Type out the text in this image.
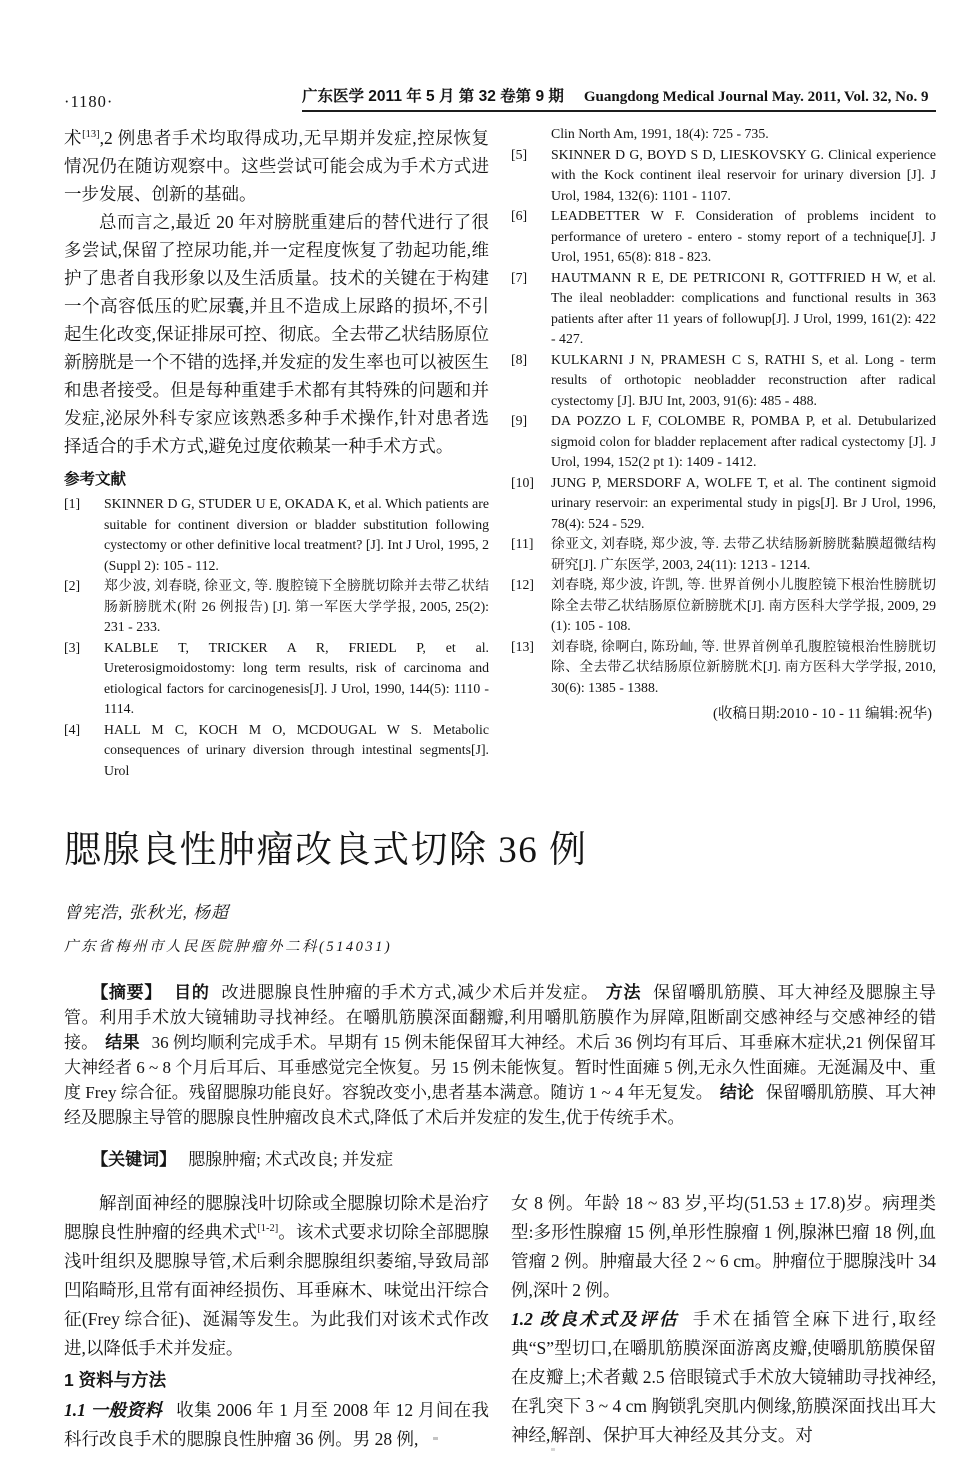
·1180·	广东医学 2011 年 5 月 第 32 卷第 9 期 Guangdong Medical Journal May. 2011, Vol. 32, No. 9

术[13],2 例患者手术均取得成功,无早期并发症,控尿恢复情况仍在随访观察中。这些尝试可能会成为手术方式进一步发展、创新的基础。

总而言之,最近 20 年对膀胱重建后的替代进行了很多尝试,保留了控尿功能,并一定程度恢复了勃起功能,维护了患者自我形象以及生活质量。技术的关键在于构建一个高容低压的贮尿囊,并且不造成上尿路的损坏,不引起生化改变,保证排尿可控、彻底。全去带乙状结肠原位新膀胱是一个不错的选择,并发症的发生率也可以被医生和患者接受。但是每种重建手术都有其特殊的问题和并发症,泌尿外科专家应该熟悉多种手术操作,针对患者选择适合的手术方式,避免过度依赖某一种手术方式。

参考文献
[1]	SKINNER D G, STUDER U E, OKADA K, et al. Which patients are suitable for continent diversion or bladder substitution following cystectomy or other definitive local treatment? [J]. Int J Urol, 1995, 2 (Suppl 2): 105 - 112.
[2]	郑少波, 刘春晓, 徐亚文, 等. 腹腔镜下全膀胱切除并去带乙状结肠新膀胱术(附 26 例报告) [J]. 第一军医大学学报, 2005, 25(2): 231 - 233.
[3]	KALBLE T, TRICKER A R, FRIEDL P, et al. Ureterosigmoidostomy: long term results, risk of carcinoma and etiological factors for carcinogenesis[J]. J Urol, 1990, 144(5): 1110 - 1114.
[4]	HALL M C, KOCH M O, MCDOUGAL W S. Metabolic consequences of urinary diversion through intestinal segments[J]. Urol
Clin North Am, 1991, 18(4): 725 - 735.
[5]	SKINNER D G, BOYD S D, LIESKOVSKY G. Clinical experience with the Kock continent ileal reservoir for urinary diversion [J]. J Urol, 1984, 132(6): 1101 - 1107.
[6]	LEADBETTER W F. Consideration of problems incident to performance of uretero - entero - stomy report of a technique[J]. J Urol, 1951, 65(8): 818 - 823.
[7]	HAUTMANN R E, DE PETRICONI R, GOTTFRIED H W, et al. The ileal neobladder: complications and functional results in 363 patients after after 11 years of followup[J]. J Urol, 1999, 161(2): 422 - 427.
[8]	KULKARNI J N, PRAMESH C S, RATHI S, et al. Long - term results of orthotopic neobladder reconstruction after radical cystectomy [J]. BJU Int, 2003, 91(6): 485 - 488.
[9]	DA POZZO L F, COLOMBE R, POMBA P, et al. Detubularized sigmoid colon for bladder replacement after radical cystectomy [J]. J Urol, 1994, 152(2 pt 1): 1409 - 1412.
[10]	JUNG P, MERSDORF A, WOLFE T, et al. The continent sigmoid urinary reservoir: an experimental study in pigs[J]. Br J Urol, 1996, 78(4): 524 - 529.
[11]	徐亚文, 刘春晓, 郑少波, 等. 去带乙状结肠新膀胱黏膜超微结构研究[J]. 广东医学, 2003, 24(11): 1213 - 1214.
[12]	刘春晓, 郑少波, 许凯, 等. 世界首例小儿腹腔镜下根治性膀胱切除全去带乙状结肠原位新膀胱术[J]. 南方医科大学学报, 2009, 29 (1): 105 - 108.
[13]	刘春晓, 徐啊白, 陈玢屾, 等. 世界首例单孔腹腔镜根治性膀胱切除、全去带乙状结肠原位新膀胱术[J]. 南方医科大学学报, 2010, 30(6): 1385 - 1388.
(收稿日期:2010 - 10 - 11 编辑:祝华)
腮腺良性肿瘤改良式切除 36 例
曾宪浩, 张秋光, 杨超
广东省梅州市人民医院肿瘤外二科(514031)

【摘要】 目的 改进腮腺良性肿瘤的手术方式,减少术后并发症。 方法 保留嚼肌筋膜、耳大神经及腮腺主导管。利用手术放大镜辅助寻找神经。在嚼肌筋膜深面翻瓣,利用嚼肌筋膜作为屏障,阻断副交感神经与交感神经的错接。 结果 36 例均顺利完成手术。早期有 15 例未能保留耳大神经。术后 36 例均有耳后、耳垂麻木症状,21 例保留耳大神经者 6 ~ 8 个月后耳后、耳垂感觉完全恢复。另 15 例未能恢复。暂时性面瘫 5 例,无永久性面瘫。无涎漏及中、重度 Frey 综合征。残留腮腺功能良好。容貌改变小,患者基本满意。随访 1 ~ 4 年无复发。 结论 保留嚼肌筋膜、耳大神经及腮腺主导管的腮腺良性肿瘤改良术式,降低了术后并发症的发生,优于传统手术。

【关键词】 腮腺肿瘤; 术式改良; 并发症

解剖面神经的腮腺浅叶切除或全腮腺切除术是治疗腮腺良性肿瘤的经典术式[1-2]。该术式要求切除全部腮腺浅叶组织及腮腺导管,术后剩余腮腺组织萎缩,导致局部凹陷畸形,且常有面神经损伤、耳垂麻木、味觉出汗综合征(Frey 综合征)、涎漏等发生。为此我们对该术式作改进,以降低手术并发症。

1 资料与方法

1.1 一般资料 收集 2006 年 1 月至 2008 年 12 月间在我科行改良手术的腮腺良性肿瘤 36 例。男 28 例,

女 8 例。年龄 18 ~ 83 岁,平均(51.53 ± 17.8)岁。病理类型:多形性腺瘤 15 例,单形性腺瘤 1 例,腺淋巴瘤 18 例,血管瘤 2 例。肿瘤最大径 2 ~ 6 cm。肿瘤位于腮腺浅叶 34 例,深叶 2 例。

1.2 改良术式及评估 手术在插管全麻下进行,取经典“S”型切口,在嚼肌筋膜深面游离皮瓣,使嚼肌筋膜保留在皮瓣上;术者戴 2.5 倍眼镜式手术放大镜辅助寻找神经,在乳突下 3 ~ 4 cm 胸锁乳突肌内侧缘,筋膜深面找出耳大神经,解剖、保护耳大神经及其分支。对
